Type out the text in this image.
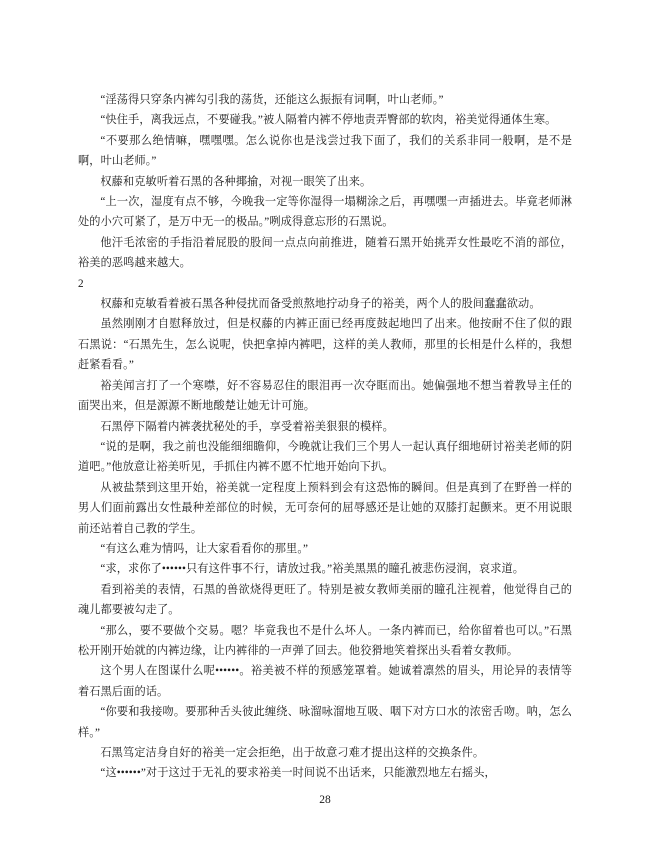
“淫荡得只穿条内裤勾引我的荡货，还能这么振振有词啊，叶山老师。”

“快住手，离我远点，不要碰我。”被人隔着内裤不停地责弄臀部的软肉，裕美觉得通体生寒。

“不要那么绝情嘛，嘿嘿嘿。怎么说你也是浅尝过我下面了，我们的关系非同一般啊，是不是啊，叶山老师。”

权藤和克敏听着石黑的各种揶揄，对视一眼笑了出来。

“上一次，湿度有点不够，今晚我一定等你湿得一塌糊涂之后，再嘿嘿一声插进去。毕竟老师淋处的小穴可紧了，是万中无一的极品。”咧成得意忘形的石黑说。

他汗毛浓密的手指沿着屁股的股间一点点向前推进，随着石黑开始挑弄女性最吃不消的部位，裕美的恶鸣越来越大。

2

权藤和克敏看着被石黑各种侵扰而备受煎熬地拧动身子的裕美，两个人的股间蠢蠢欲动。

虽然刚刚才自慰释放过，但是权藤的内裤正面已经再度鼓起地凹了出来。他按耐不住了似的跟石黑说：“石黑先生，怎么说呢，快把拿掉内裤吧，这样的美人教师，那里的长相是什么样的，我想赶紧看看。”

裕美闻言打了一个寒噤，好不容易忍住的眼泪再一次夺眶而出。她偏强地不想当着教导主任的面哭出来，但是源源不断地酸楚让她无计可施。

石黑停下隔着内裤袭扰秘处的手，享受着裕美狠狠的模样。

“说的是啊，我之前也没能细细瞻仰，今晚就让我们三个男人一起认真仔细地研讨裕美老师的阴道吧。”他放意让裕美听见，手抓住内裤不愿不忙地开始向下扒。

从被盐禁到这里开始，裕美就一定程度上预料到会有这恐怖的瞬间。但是真到了在野兽一样的男人们面前露出女性最种差部位的时候，无可奈何的屈辱感还是让她的双膝打起颤来。更不用说眼前还站着自己教的学生。

“有这么难为情吗，让大家看看你的那里。”

“求，求你了••••••只有这件事不行，请放过我。”裕美黑黑的瞳孔被悲伤浸润，哀求道。

看到裕美的表情，石黑的兽欲烧得更旺了。特别是被女教师美丽的瞳孔注视着，他觉得自己的魂儿都要被勾走了。

“那么，要不要做个交易。嗯？毕竟我也不是什么坏人。一条内裤而已，给你留着也可以。”石黑松开刚开始就的内裤边缘，让内裤徘的一声弹了回去。他狡猾地笑着探出头看着女教师。

这个男人在图谋什么呢••••••。裕美被不样的预感笼罩着。她诚着凛然的眉头，用论异的表情等着石黑后面的话。

“你要和我接吻。要那种舌头彼此缠绕、咏溜咏溜地互吸、咽下对方口水的浓密舌吻。呐，怎么样。”

石黑笃定洁身自好的裕美一定会拒绝，出于故意刁难才提出这样的交换条件。

“这••••••”对于这过于无礼的要求裕美一时间说不出话来，只能激烈地左右摇头，

28
